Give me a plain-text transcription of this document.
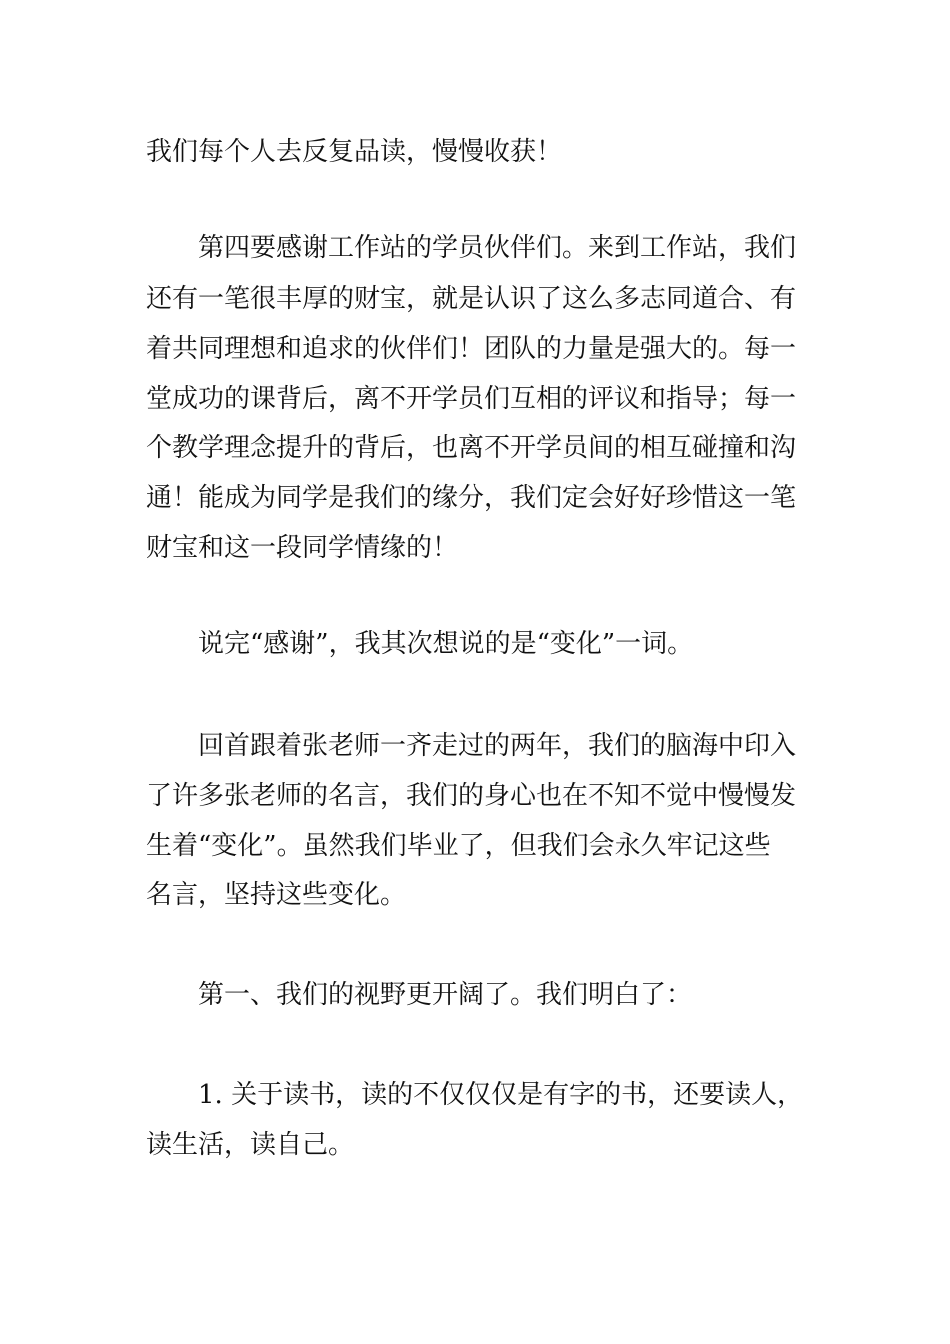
我们每个人去反复品读，慢慢收获！
第四要感谢工作站的学员伙伴们。来到工作站，我们
还有一笔很丰厚的财宝，就是认识了这么多志同道合、有
着共同理想和追求的伙伴们！团队的力量是强大的。每一
堂成功的课背后，离不开学员们互相的评议和指导；每一
个教学理念提升的背后，也离不开学员间的相互碰撞和沟
通！能成为同学是我们的缘分，我们定会好好珍惜这一笔
财宝和这一段同学情缘的！
说完“感谢”，我其次想说的是“变化”一词。
回首跟着张老师一齐走过的两年，我们的脑海中印入
了许多张老师的名言，我们的身心也在不知不觉中慢慢发
生着“变化”。虽然我们毕业了，但我们会永久牢记这些
名言，坚持这些变化。
第一、我们的视野更开阔了。我们明白了：
1. 关于读书，读的不仅仅仅是有字的书，还要读人，
读生活，读自己。
